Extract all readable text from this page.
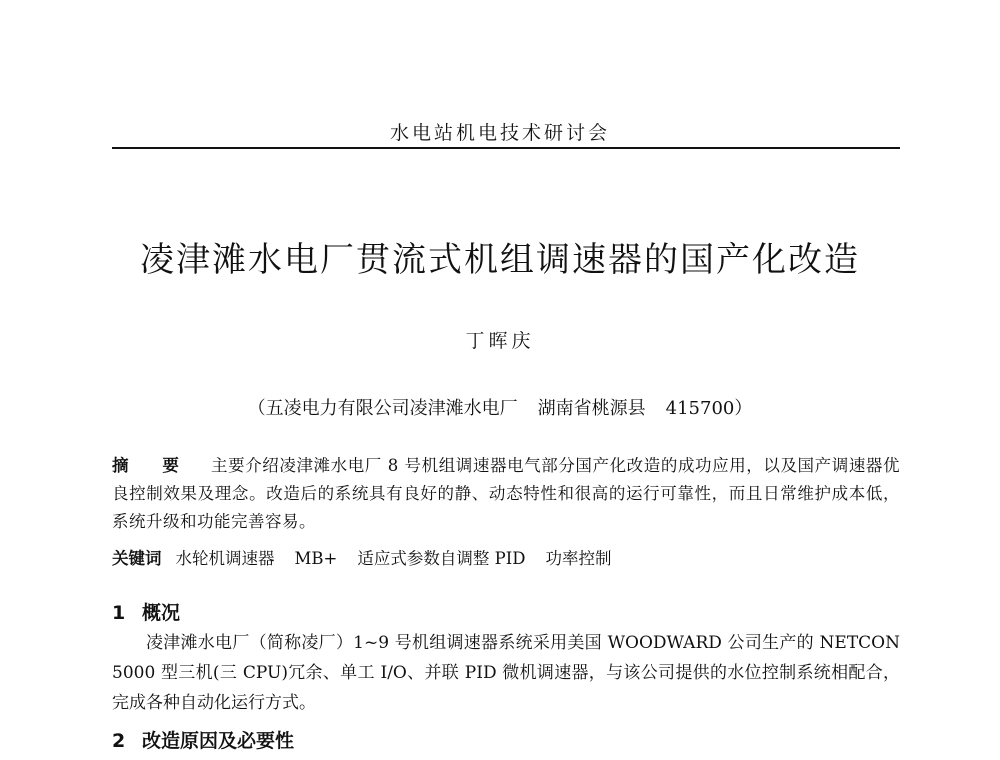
水电站机电技术研讨会
凌津滩水电厂贯流式机组调速器的国产化改造
丁晖庆
（五凌电力有限公司凌津滩水电厂 湖南省桃源县 415700）
摘 要 主要介绍凌津滩水电厂 8 号机组调速器电气部分国产化改造的成功应用，以及国产调速器优良控制效果及理念。改造后的系统具有良好的静、动态特性和很高的运行可靠性，而且日常维护成本低，系统升级和功能完善容易。
关键词 水轮机调速器 MB+ 适应式参数自调整 PID 功率控制
1 概况

凌津滩水电厂（简称凌厂）1~9 号机组调速器系统采用美国 WOODWARD 公司生产的 NETCON 5000 型三机(三 CPU)冗余、单工 I/O、并联 PID 微机调速器，与该公司提供的水位控制系统相配合，完成各种自动化运行方式。

2 改造原因及必要性
